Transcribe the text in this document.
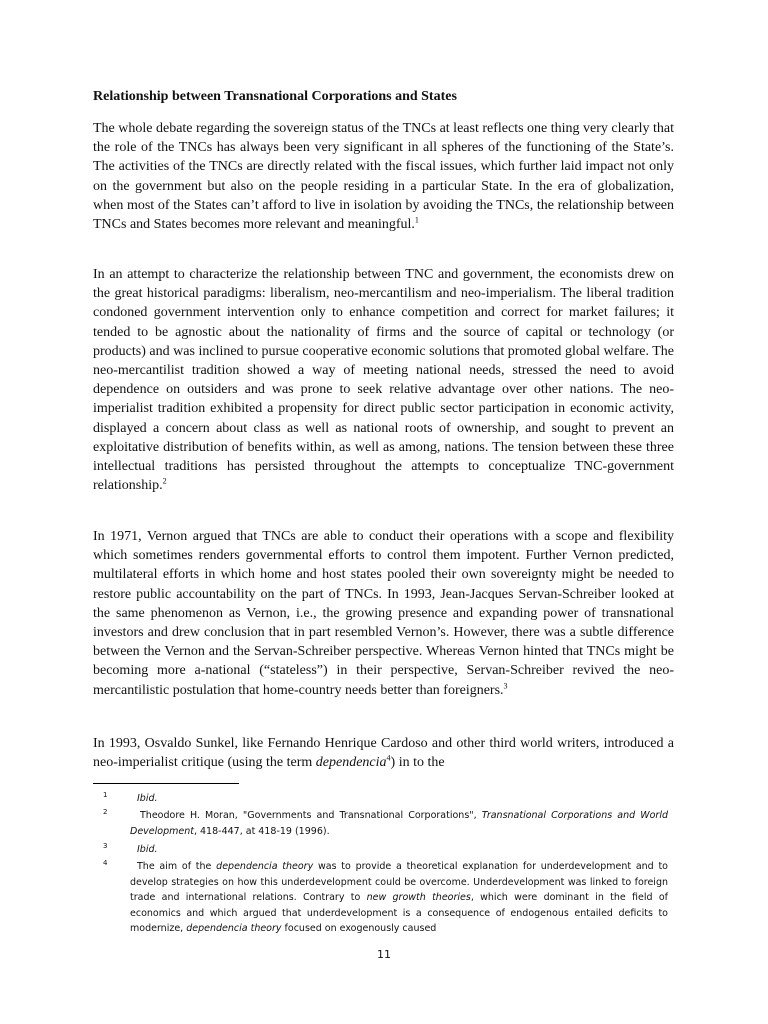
Relationship between Transnational Corporations and States

The whole debate regarding the sovereign status of the TNCs at least reflects one thing very clearly that the role of the TNCs has always been very significant in all spheres of the functioning of the State’s. The activities of the TNCs are directly related with the fiscal issues, which further laid impact not only on the government but also on the people residing in a particular State. In the era of globalization, when most of the States can’t afford to live in isolation by avoiding the TNCs, the relationship between TNCs and States becomes more relevant and meaningful.$^1$

In an attempt to characterize the relationship between TNC and government, the economists drew on the great historical paradigms: liberalism, neo-mercantilism and neo-imperialism. The liberal tradition condoned government intervention only to enhance competition and correct for market failures; it tended to be agnostic about the nationality of firms and the source of capital or technology (or products) and was inclined to pursue cooperative economic solutions that promoted global welfare. The neo-mercantilist tradition showed a way of meeting national needs, stressed the need to avoid dependence on outsiders and was prone to seek relative advantage over other nations. The neo-imperialist tradition exhibited a propensity for direct public sector participation in economic activity, displayed a concern about class as well as national roots of ownership, and sought to prevent an exploitative distribution of benefits within, as well as among, nations. The tension between these three intellectual traditions has persisted throughout the attempts to conceptualize TNC-government relationship.$^2$

In 1971, Vernon argued that TNCs are able to conduct their operations with a scope and flexibility which sometimes renders governmental efforts to control them impotent. Further Vernon predicted, multilateral efforts in which home and host states pooled their own sovereignty might be needed to restore public accountability on the part of TNCs. In 1993, Jean-Jacques Servan-Schreiber looked at the same phenomenon as Vernon, i.e., the growing presence and expanding power of transnational investors and drew conclusion that in part resembled Vernon’s. However, there was a subtle difference between the Vernon and the Servan-Schreiber perspective. Whereas Vernon hinted that TNCs might be becoming more a-national (“stateless”) in their perspective, Servan-Schreiber revived the neo-mercantilistic postulation that home-country needs better than foreigners.$^3$

In 1993, Osvaldo Sunkel, like Fernando Henrique Cardoso and other third world writers, introduced a neo-imperialist critique (using the term dependencia$^4$) in to the

1	Ibid.
2	Theodore H. Moran, "Governments and Transnational Corporations", Transnational Corporations and World Development, 418-447, at 418-19 (1996).
3	Ibid.
4	The aim of the dependencia theory was to provide a theoretical explanation for underdevelopment and to develop strategies on how this underdevelopment could be overcome. Underdevelopment was linked to foreign trade and international relations. Contrary to new growth theories, which were dominant in the field of economics and which argued that underdevelopment is a consequence of endogenous entailed deficits to modernize, dependencia theory focused on exogenously caused

11
